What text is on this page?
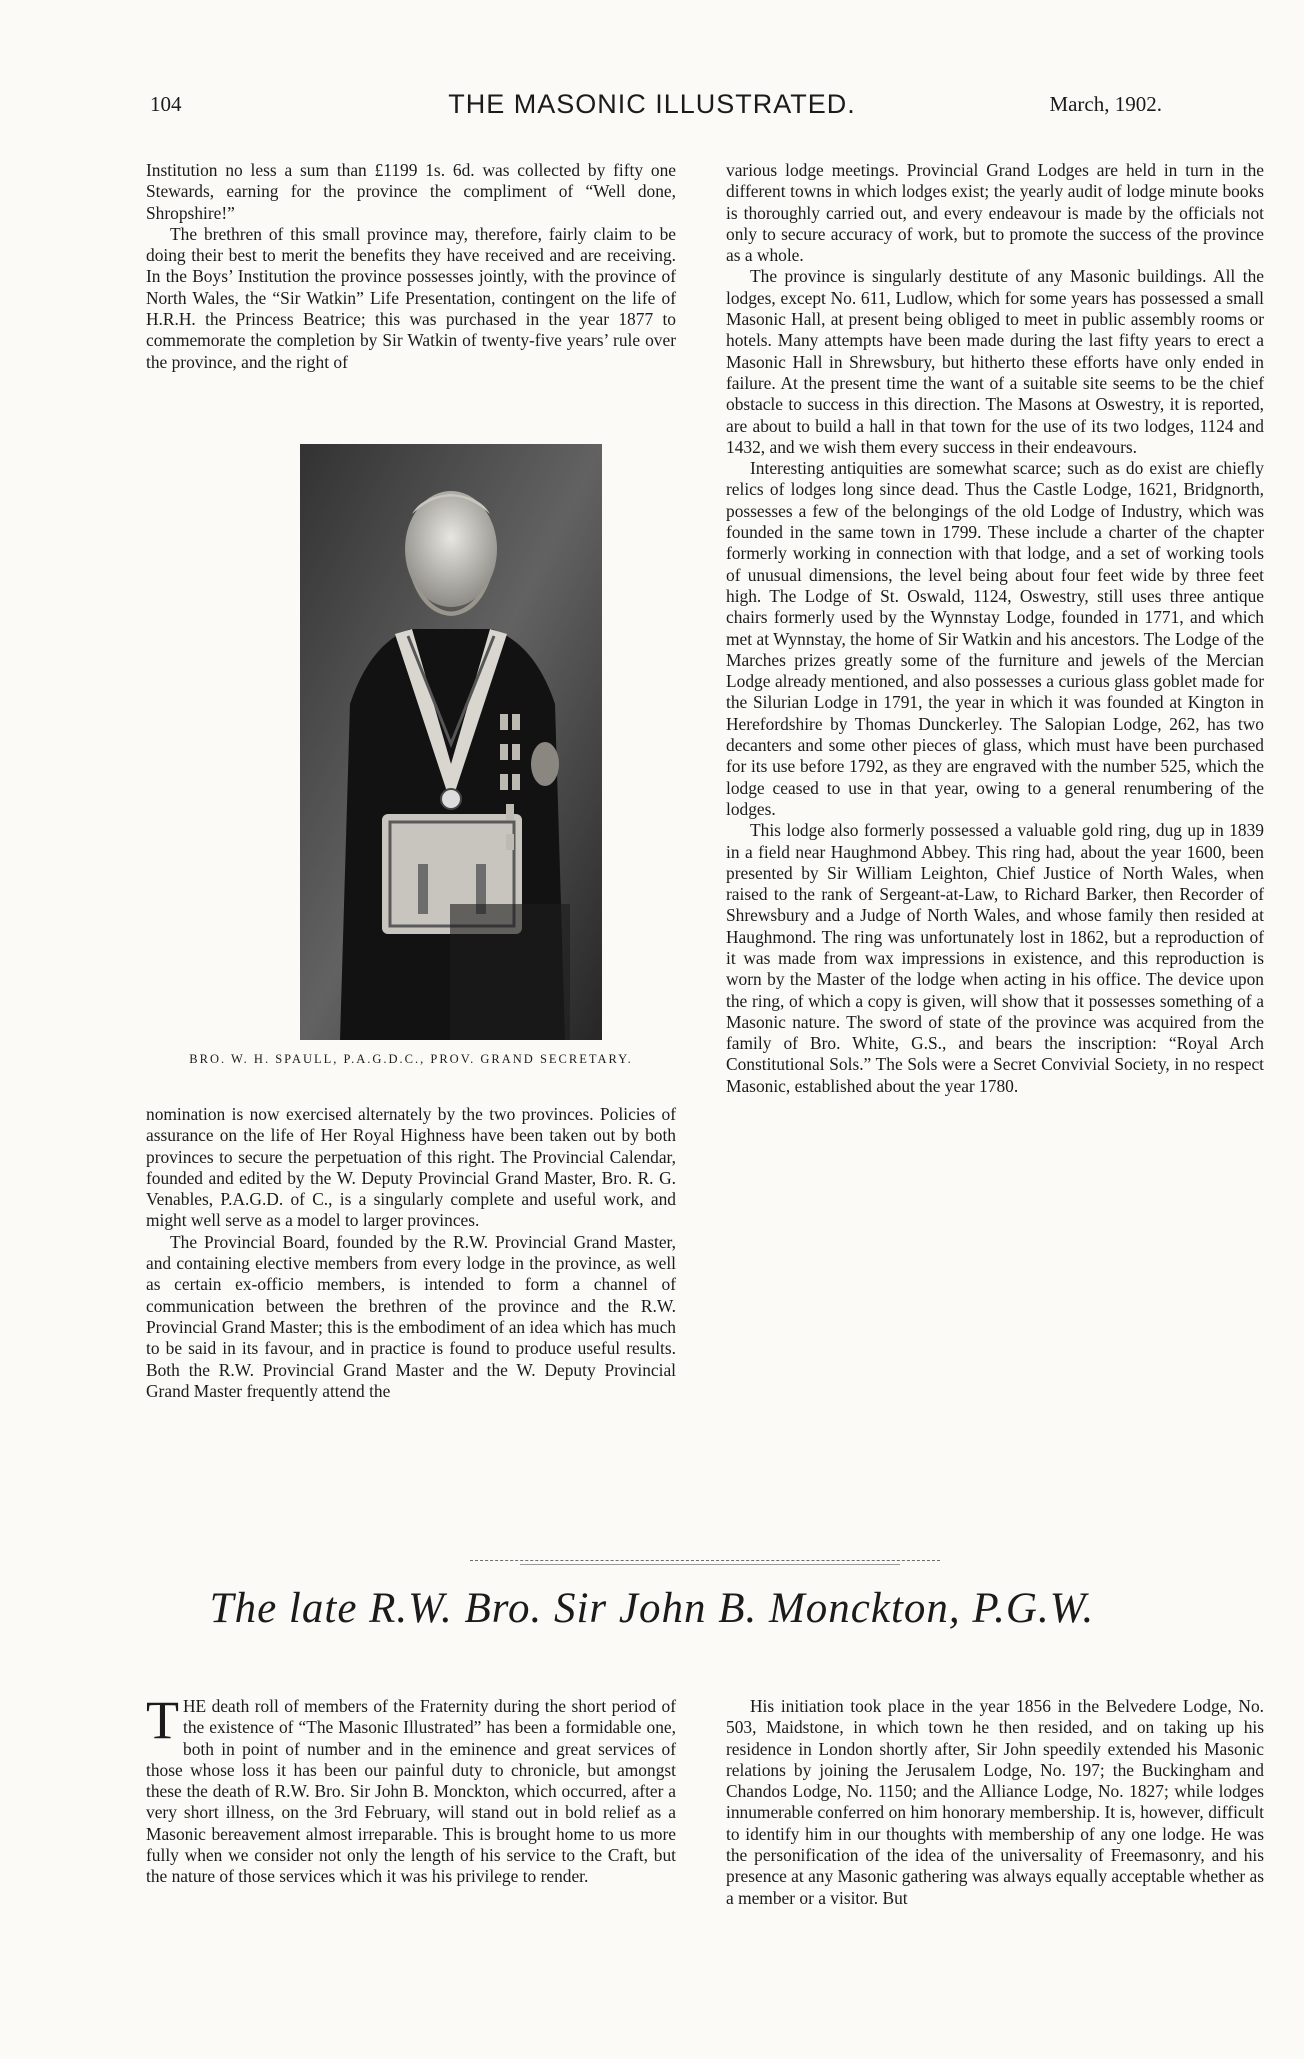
104	THE MASONIC ILLUSTRATED.	March, 1902.

Institution no less a sum than £1199 1s. 6d. was collected by fifty one Stewards, earning for the province the compliment of “Well done, Shropshire!”

The brethren of this small province may, therefore, fairly claim to be doing their best to merit the benefits they have received and are receiving. In the Boys’ Institution the province possesses jointly, with the province of North Wales, the “Sir Watkin” Life Presentation, contingent on the life of H.R.H. the Princess Beatrice; this was purchased in the year 1877 to commemorate the completion by Sir Watkin of twenty-five years’ rule over the province, and the right of

BRO. W. H. SPAULL, P.A.G.D.C., PROV. GRAND SECRETARY.

nomination is now exercised alternately by the two provinces. Policies of assurance on the life of Her Royal Highness have been taken out by both provinces to secure the perpetuation of this right. The Provincial Calendar, founded and edited by the W. Deputy Provincial Grand Master, Bro. R. G. Venables, P.A.G.D. of C., is a singularly complete and useful work, and might well serve as a model to larger provinces.

The Provincial Board, founded by the R.W. Provincial Grand Master, and containing elective members from every lodge in the province, as well as certain ex-officio members, is intended to form a channel of communication between the brethren of the province and the R.W. Provincial Grand Master; this is the embodiment of an idea which has much to be said in its favour, and in practice is found to produce useful results. Both the R.W. Provincial Grand Master and the W. Deputy Provincial Grand Master frequently attend the

various lodge meetings. Provincial Grand Lodges are held in turn in the different towns in which lodges exist; the yearly audit of lodge minute books is thoroughly carried out, and every endeavour is made by the officials not only to secure accuracy of work, but to promote the success of the province as a whole.

The province is singularly destitute of any Masonic buildings. All the lodges, except No. 611, Ludlow, which for some years has possessed a small Masonic Hall, at present being obliged to meet in public assembly rooms or hotels. Many attempts have been made during the last fifty years to erect a Masonic Hall in Shrewsbury, but hitherto these efforts have only ended in failure. At the present time the want of a suitable site seems to be the chief obstacle to success in this direction. The Masons at Oswestry, it is reported, are about to build a hall in that town for the use of its two lodges, 1124 and 1432, and we wish them every success in their endeavours.

Interesting antiquities are somewhat scarce; such as do exist are chiefly relics of lodges long since dead. Thus the Castle Lodge, 1621, Bridgnorth, possesses a few of the belongings of the old Lodge of Industry, which was founded in the same town in 1799. These include a charter of the chapter formerly working in connection with that lodge, and a set of working tools of unusual dimensions, the level being about four feet wide by three feet high. The Lodge of St. Oswald, 1124, Oswestry, still uses three antique chairs formerly used by the Wynnstay Lodge, founded in 1771, and which met at Wynnstay, the home of Sir Watkin and his ancestors. The Lodge of the Marches prizes greatly some of the furniture and jewels of the Mercian Lodge already mentioned, and also possesses a curious glass goblet made for the Silurian Lodge in 1791, the year in which it was founded at Kington in Herefordshire by Thomas Dunckerley. The Salopian Lodge, 262, has two decanters and some other pieces of glass, which must have been purchased for its use before 1792, as they are engraved with the number 525, which the lodge ceased to use in that year, owing to a general renumbering of the lodges.

This lodge also formerly possessed a valuable gold ring, dug up in 1839 in a field near Haughmond Abbey. This ring had, about the year 1600, been presented by Sir William Leighton, Chief Justice of North Wales, when raised to the rank of Sergeant-at-Law, to Richard Barker, then Recorder of Shrewsbury and a Judge of North Wales, and whose family then resided at Haughmond. The ring was unfortunately lost in 1862, but a reproduction of it was made from wax impressions in existence, and this reproduction is worn by the Master of the lodge when acting in his office. The device upon the ring, of which a copy is given, will show that it possesses something of a Masonic nature. The sword of state of the province was acquired from the family of Bro. White, G.S., and bears the inscription: “Royal Arch Constitutional Sols.” The Sols were a Secret Convivial Society, in no respect Masonic, established about the year 1780.

The late R.W. Bro. Sir John B. Monckton, P.G.W.

THE death roll of members of the Fraternity during the short period of the existence of “The Masonic Illustrated” has been a formidable one, both in point of number and in the eminence and great services of those whose loss it has been our painful duty to chronicle, but amongst these the death of R.W. Bro. Sir John B. Monckton, which occurred, after a very short illness, on the 3rd February, will stand out in bold relief as a Masonic bereavement almost irreparable. This is brought home to us more fully when we consider not only the length of his service to the Craft, but the nature of those services which it was his privilege to render.

His initiation took place in the year 1856 in the Belvedere Lodge, No. 503, Maidstone, in which town he then resided, and on taking up his residence in London shortly after, Sir John speedily extended his Masonic relations by joining the Jerusalem Lodge, No. 197; the Buckingham and Chandos Lodge, No. 1150; and the Alliance Lodge, No. 1827; while lodges innumerable conferred on him honorary membership. It is, however, difficult to identify him in our thoughts with membership of any one lodge. He was the personification of the idea of the universality of Freemasonry, and his presence at any Masonic gathering was always equally acceptable whether as a member or a visitor. But
